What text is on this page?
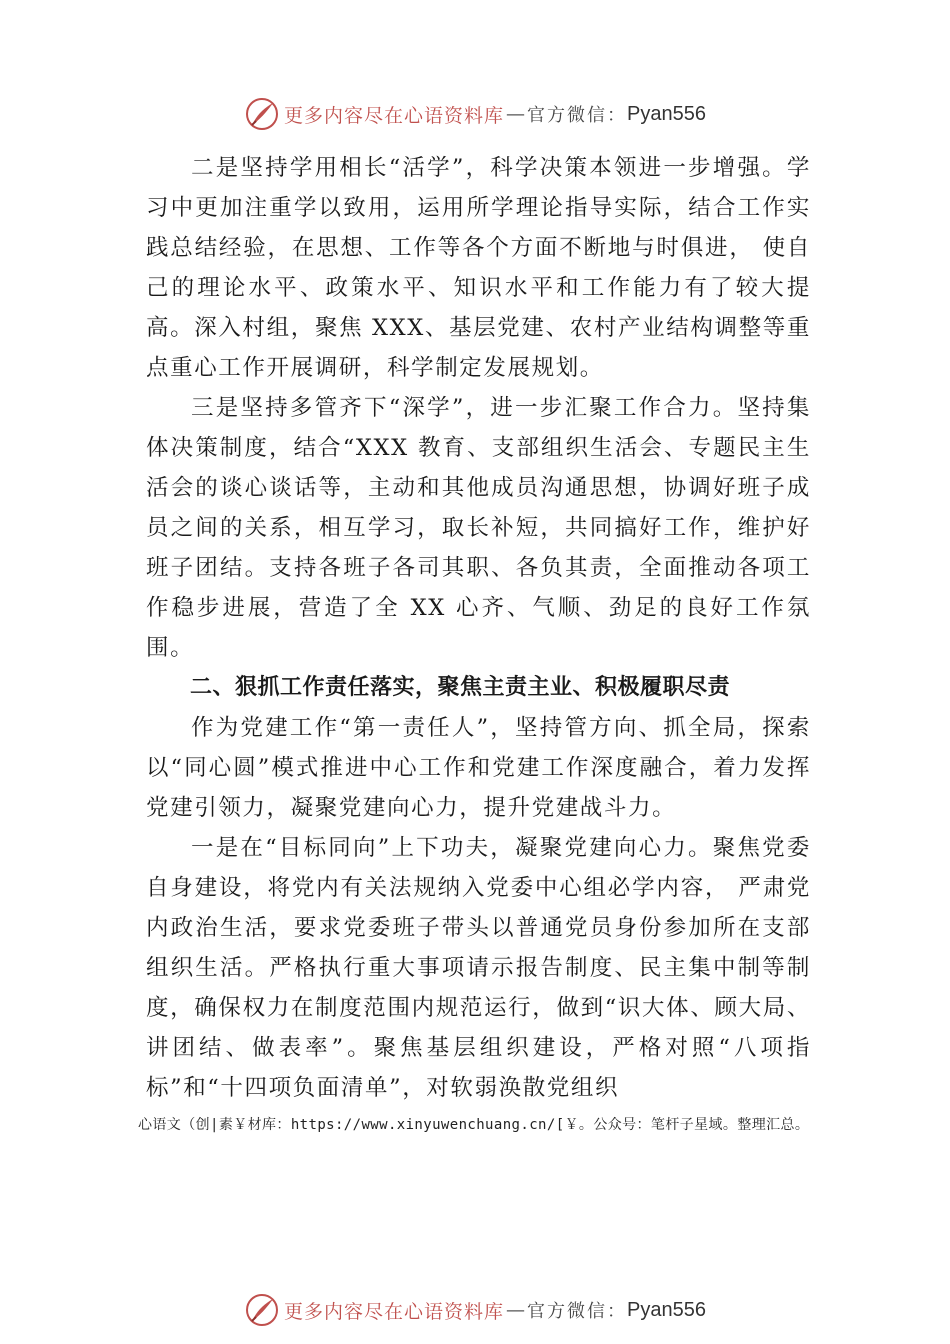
更多内容尽在心语资料库 — 官方微信： Pyan556

二是坚持学用相长“活学”，科学决策本领进一步增强。学习中更加注重学以致用，运用所学理论指导实际，结合工作实践总结经验，在思想、工作等各个方面不断地与时俱进， 使自己的理论水平、政策水平、知识水平和工作能力有了较大提高。深入村组，聚焦 XXX、基层党建、农村产业结构调整等重点重心工作开展调研，科学制定发展规划。

三是坚持多管齐下“深学”，进一步汇聚工作合力。坚持集体决策制度，结合“XXX 教育、支部组织生活会、专题民主生活会的谈心谈话等，主动和其他成员沟通思想，协调好班子成员之间的关系，相互学习，取长补短，共同搞好工作，维护好班子团结。支持各班子各司其职、各负其责，全面推动各项工作稳步进展，营造了全 XX 心齐、气顺、劲足的良好工作氛围。

二、狠抓工作责任落实，聚焦主责主业、积极履职尽责

作为党建工作“第一责任人”，坚持管方向、抓全局，探索以“同心圆”模式推进中心工作和党建工作深度融合，着力发挥党建引领力，凝聚党建向心力，提升党建战斗力。

一是在“目标同向”上下功夫，凝聚党建向心力。聚焦党委自身建设，将党内有关法规纳入党委中心组必学内容， 严肃党内政治生活，要求党委班子带头以普通党员身份参加所在支部组织生活。严格执行重大事项请示报告制度、民主集中制等制度，确保权力在制度范围内规范运行，做到“识大体、顾大局、讲团结、做表率”。聚焦基层组织建设，严格对照“八项指标”和“十四项负面清单”，对软弱涣散党组织

心语文（创|素￥材库：https://www.xinyuwenchuang.cn/[￥。公众号：笔杆子星域。整理汇总。
更多内容尽在心语资料库 — 官方微信： Pyan556
